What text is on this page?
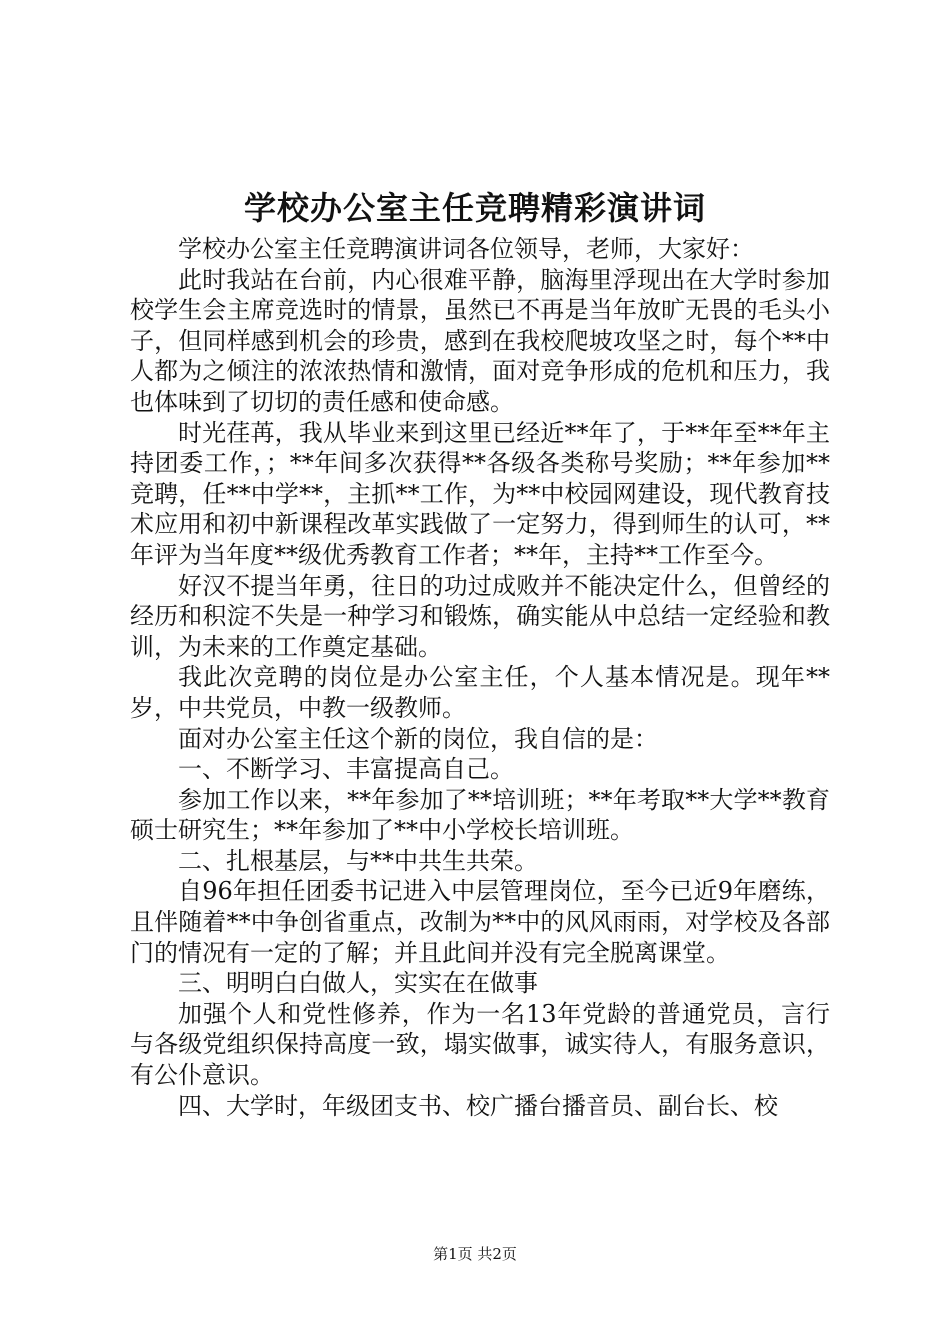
学校办公室主任竞聘精彩演讲词

学校办公室主任竞聘演讲词各位领导，老师，大家好：

此时我站在台前，内心很难平静，脑海里浮现出在大学时参加校学生会主席竞选时的情景，虽然已不再是当年放旷无畏的毛头小子，但同样感到机会的珍贵，感到在我校爬坡攻坚之时，每个**中人都为之倾注的浓浓热情和激情，面对竞争形成的危机和压力，我也体味到了切切的责任感和使命感。

时光荏苒，我从毕业来到这里已经近**年了，于**年至**年主持团委工作，；**年间多次获得**各级各类称号奖励；**年参加**竞聘，任**中学**，主抓**工作，为**中校园网建设，现代教育技术应用和初中新课程改革实践做了一定努力，得到师生的认可，**年评为当年度**级优秀教育工作者；**年，主持**工作至今。

好汉不提当年勇，往日的功过成败并不能决定什么，但曾经的经历和积淀不失是一种学习和锻炼，确实能从中总结一定经验和教训，为未来的工作奠定基础。

我此次竞聘的岗位是办公室主任，个人基本情况是。现年**岁，中共党员，中教一级教师。

面对办公室主任这个新的岗位，我自信的是：

一、不断学习、丰富提高自己。

参加工作以来，**年参加了**培训班；**年考取**大学**教育硕士研究生；**年参加了**中小学校长培训班。

二、扎根基层，与**中共生共荣。

自96年担任团委书记进入中层管理岗位，至今已近9年磨练，且伴随着**中争创省重点，改制为**中的风风雨雨，对学校及各部门的情况有一定的了解；并且此间并没有完全脱离课堂。

三、明明白白做人，实实在在做事

加强个人和党性修养，作为一名13年党龄的普通党员，言行与各级党组织保持高度一致，塌实做事，诚实待人，有服务意识，有公仆意识。

四、大学时，年级团支书、校广播台播音员、副台长、校

第1页 共2页
